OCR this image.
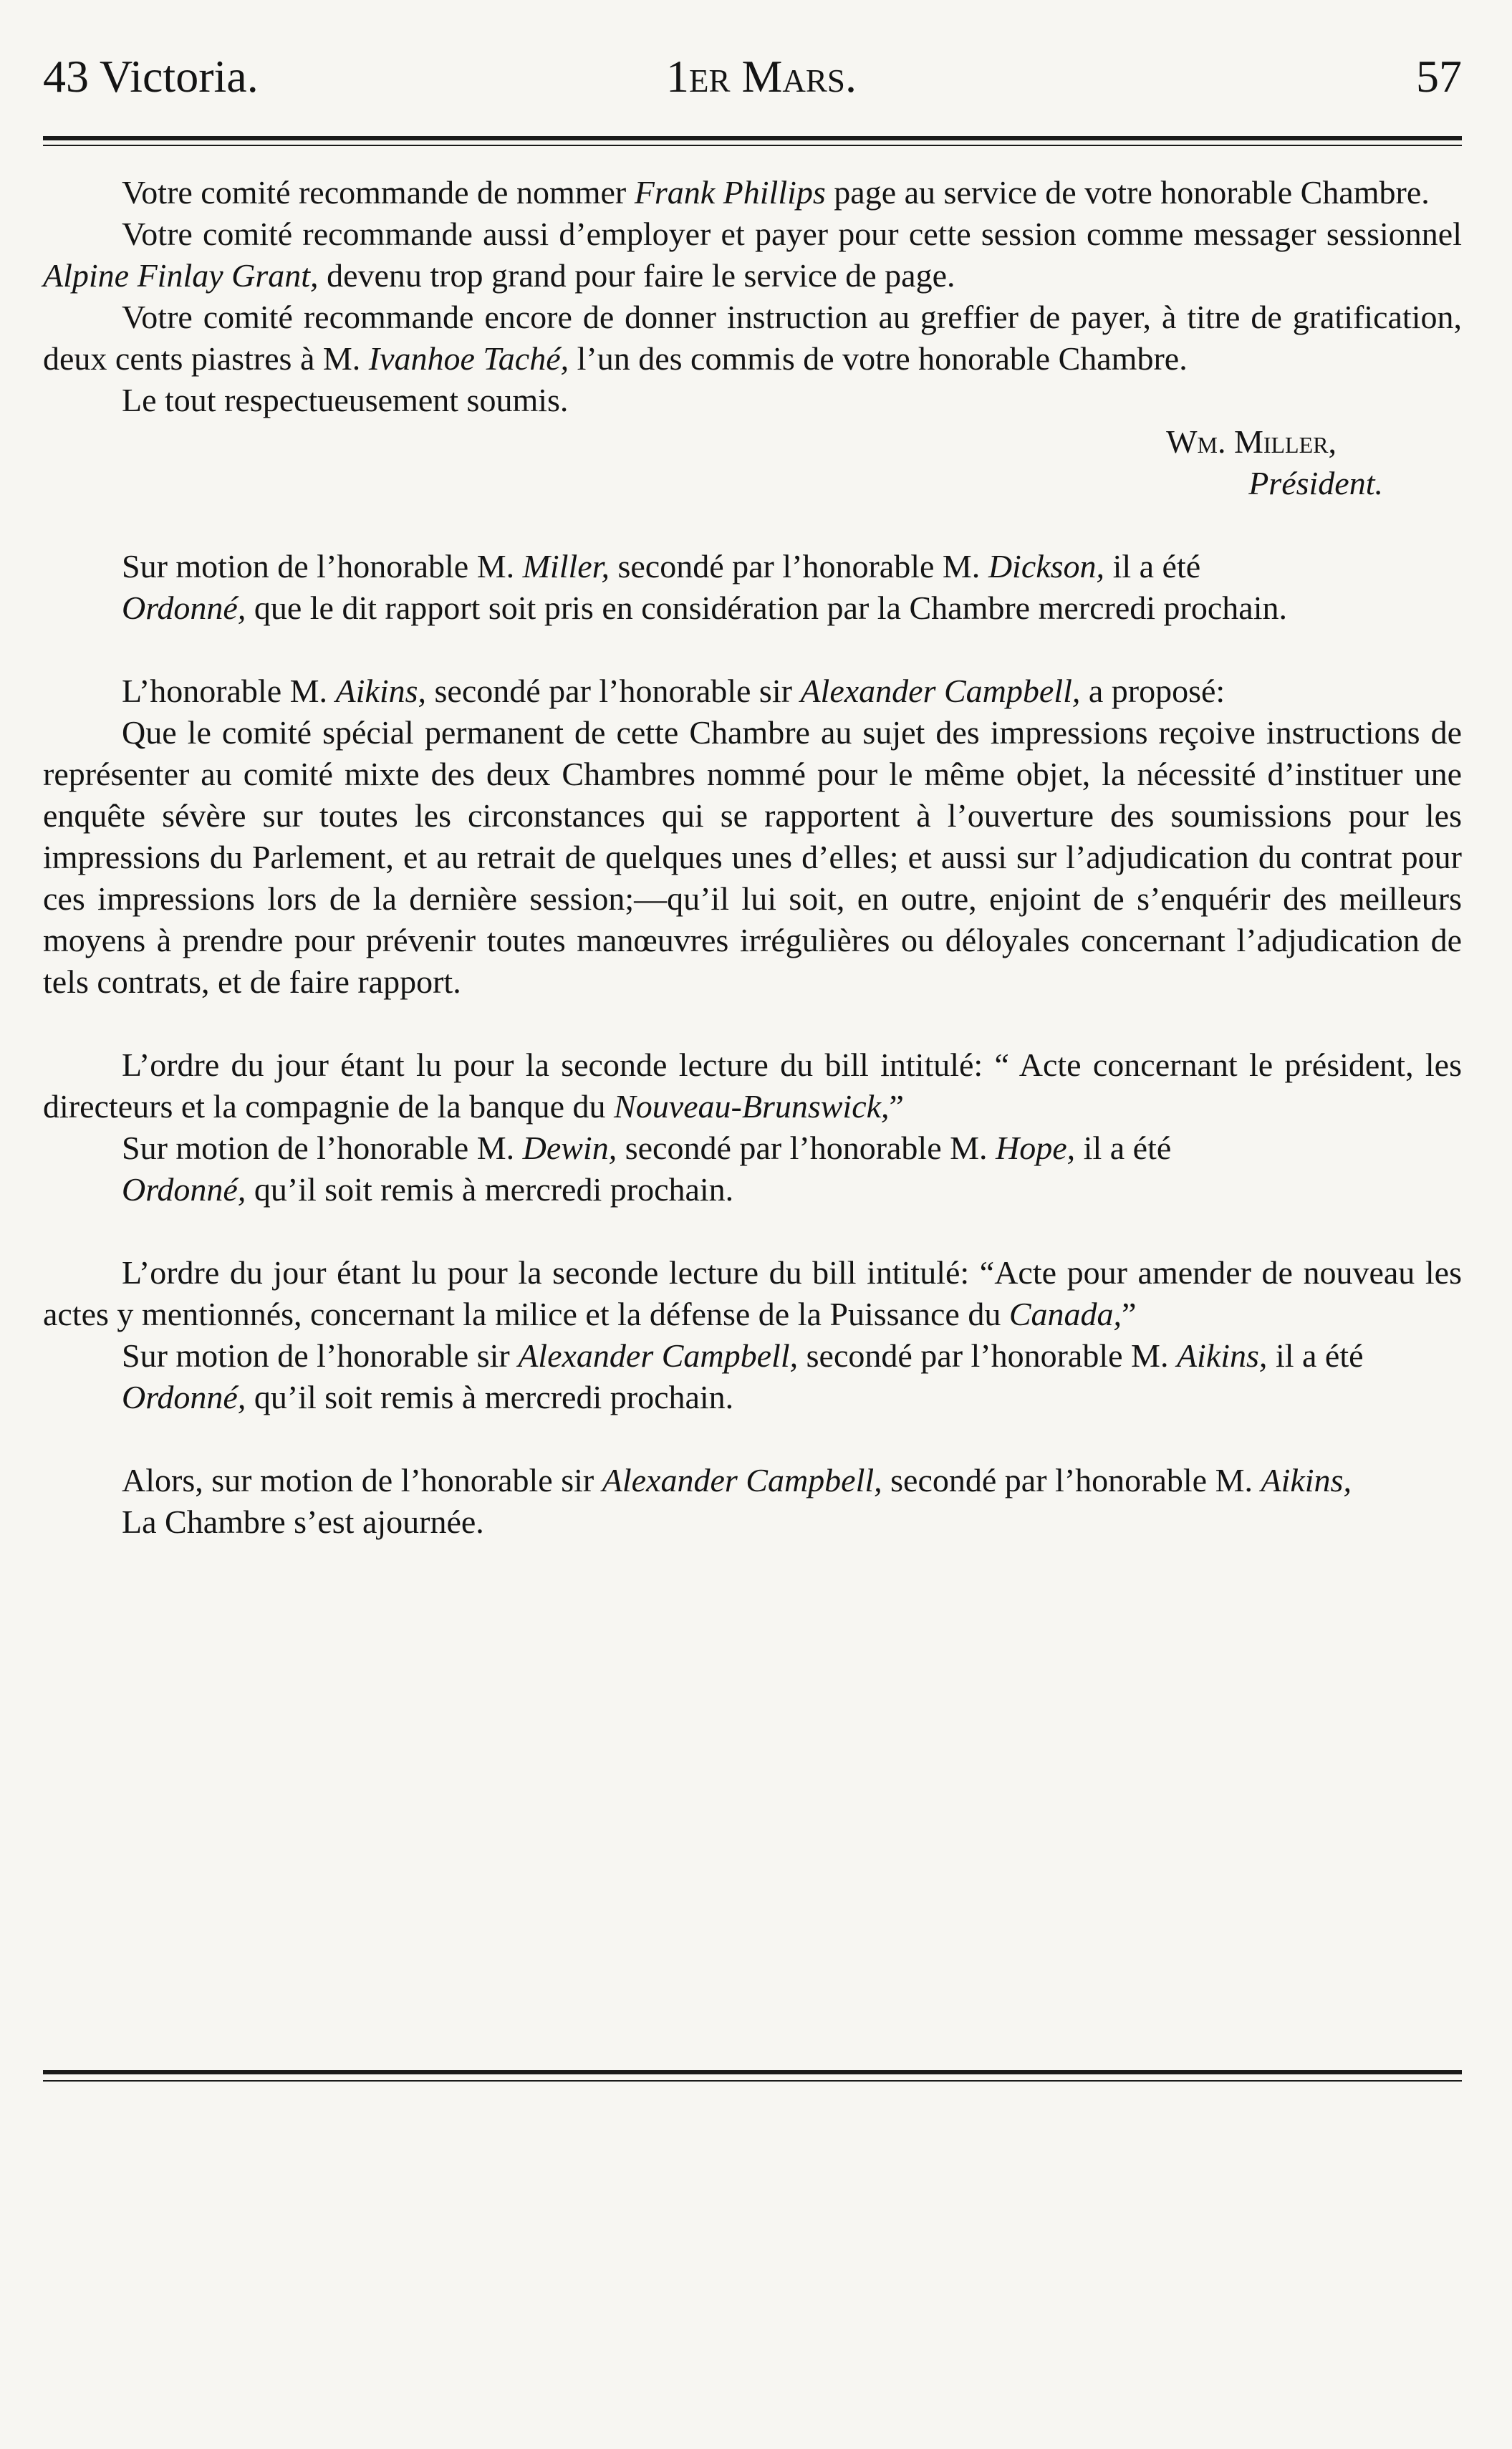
43 Victoria.	1er Mars.	57

Votre comité recommande de nommer Frank Phillips page au service de votre honorable Chambre.

Votre comité recommande aussi d’employer et payer pour cette session comme messager sessionnel Alpine Finlay Grant, devenu trop grand pour faire le service de page.

Votre comité recommande encore de donner instruction au greffier de payer, à titre de gratification, deux cents piastres à M. Ivanhoe Taché, l’un des commis de votre honorable Chambre.

Le tout respectueusement soumis.

Wm. Miller,
Président.

Sur motion de l’honorable M. Miller, secondé par l’honorable M. Dickson, il a été

Ordonné, que le dit rapport soit pris en considération par la Chambre mercredi prochain.

L’honorable M. Aikins, secondé par l’honorable sir Alexander Campbell, a proposé:

Que le comité spécial permanent de cette Chambre au sujet des impressions reçoive instructions de représenter au comité mixte des deux Chambres nommé pour le même objet, la nécessité d’instituer une enquête sévère sur toutes les circonstances qui se rapportent à l’ouverture des soumissions pour les impressions du Parlement, et au retrait de quelques unes d’elles; et aussi sur l’adjudication du contrat pour ces impressions lors de la dernière session;—qu’il lui soit, en outre, enjoint de s’enquérir des meilleurs moyens à prendre pour prévenir toutes manœuvres irrégulières ou déloyales concernant l’adjudication de tels contrats, et de faire rapport.

L’ordre du jour étant lu pour la seconde lecture du bill intitulé: “ Acte concernant le président, les directeurs et la compagnie de la banque du Nouveau-Brunswick,”

Sur motion de l’honorable M. Dewin, secondé par l’honorable M. Hope, il a été

Ordonné, qu’il soit remis à mercredi prochain.

L’ordre du jour étant lu pour la seconde lecture du bill intitulé: “Acte pour amender de nouveau les actes y mentionnés, concernant la milice et la défense de la Puissance du Canada,”

Sur motion de l’honorable sir Alexander Campbell, secondé par l’honorable M. Aikins, il a été

Ordonné, qu’il soit remis à mercredi prochain.

Alors, sur motion de l’honorable sir Alexander Campbell, secondé par l’honorable M. Aikins,

La Chambre s’est ajournée.
